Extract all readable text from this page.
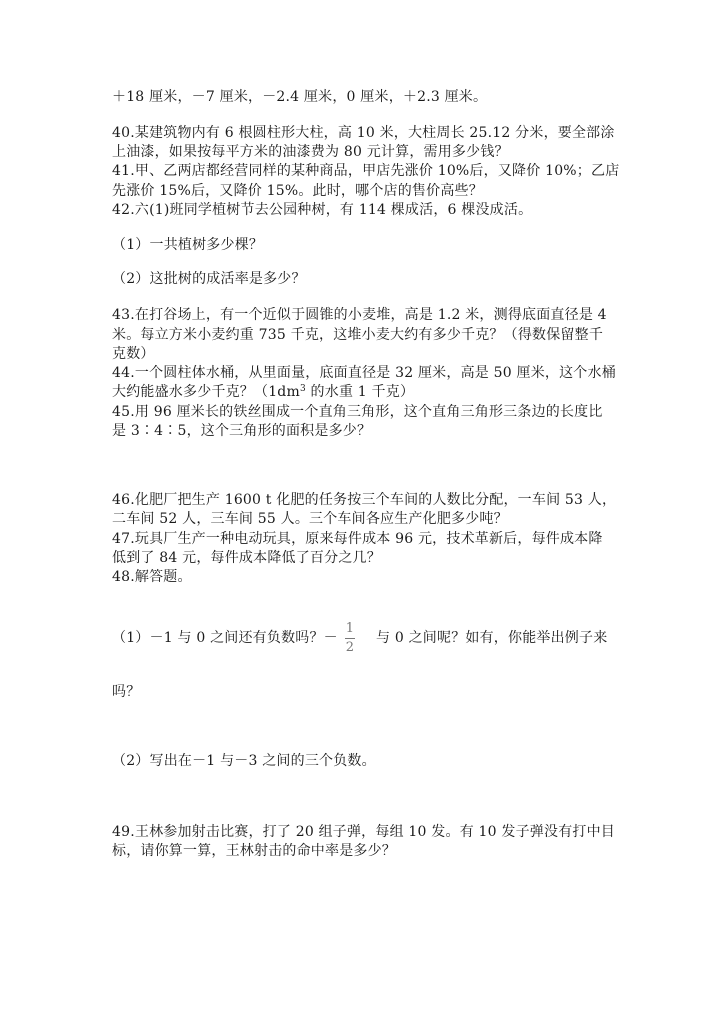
＋18 厘米，－7 厘米，－2.4 厘米，0 厘米，＋2.3 厘米。
40.某建筑物内有 6 根圆柱形大柱，高 10 米，大柱周长 25.12 分米，要全部涂
上油漆，如果按每平方米的油漆费为 80 元计算，需用多少钱？
41.甲、乙两店都经营同样的某种商品，甲店先涨价 10%后，又降价 10%；乙店
先涨价 15%后，又降价 15%。此时，哪个店的售价高些？
42.六(1)班同学植树节去公园种树，有 114 棵成活，6 棵没成活。
（1）一共植树多少棵？
（2）这批树的成活率是多少？
43.在打谷场上，有一个近似于圆锥的小麦堆，高是 1.2 米，测得底面直径是 4
米。每立方米小麦约重 735 千克，这堆小麦大约有多少千克？（得数保留整千
克数）
44.一个圆柱体水桶，从里面量，底面直径是 32 厘米，高是 50 厘米，这个水桶
大约能盛水多少千克？（$1dm^3$ 的水重 1 千克）
45.用 96 厘米长的铁丝围成一个直角三角形，这个直角三角形三条边的长度比
是 3∶4∶5，这个三角形的面积是多少？
46.化肥厂把生产 1600 t 化肥的任务按三个车间的人数比分配，一车间 53 人，
二车间 52 人，三车间 55 人。三个车间各应生产化肥多少吨？
47.玩具厂生产一种电动玩具，原来每件成本 96 元，技术革新后，每件成本降
低到了 84 元，每件成本降低了百分之几？
48.解答题。
（1）－1 与 0 之间还有负数吗？－
1
2
与 0 之间呢？如有，你能举出例子来
吗？
（2）写出在－1 与－3 之间的三个负数。
49.王林参加射击比赛，打了 20 组子弹，每组 10 发。有 10 发子弹没有打中目
标，请你算一算，王林射击的命中率是多少？
